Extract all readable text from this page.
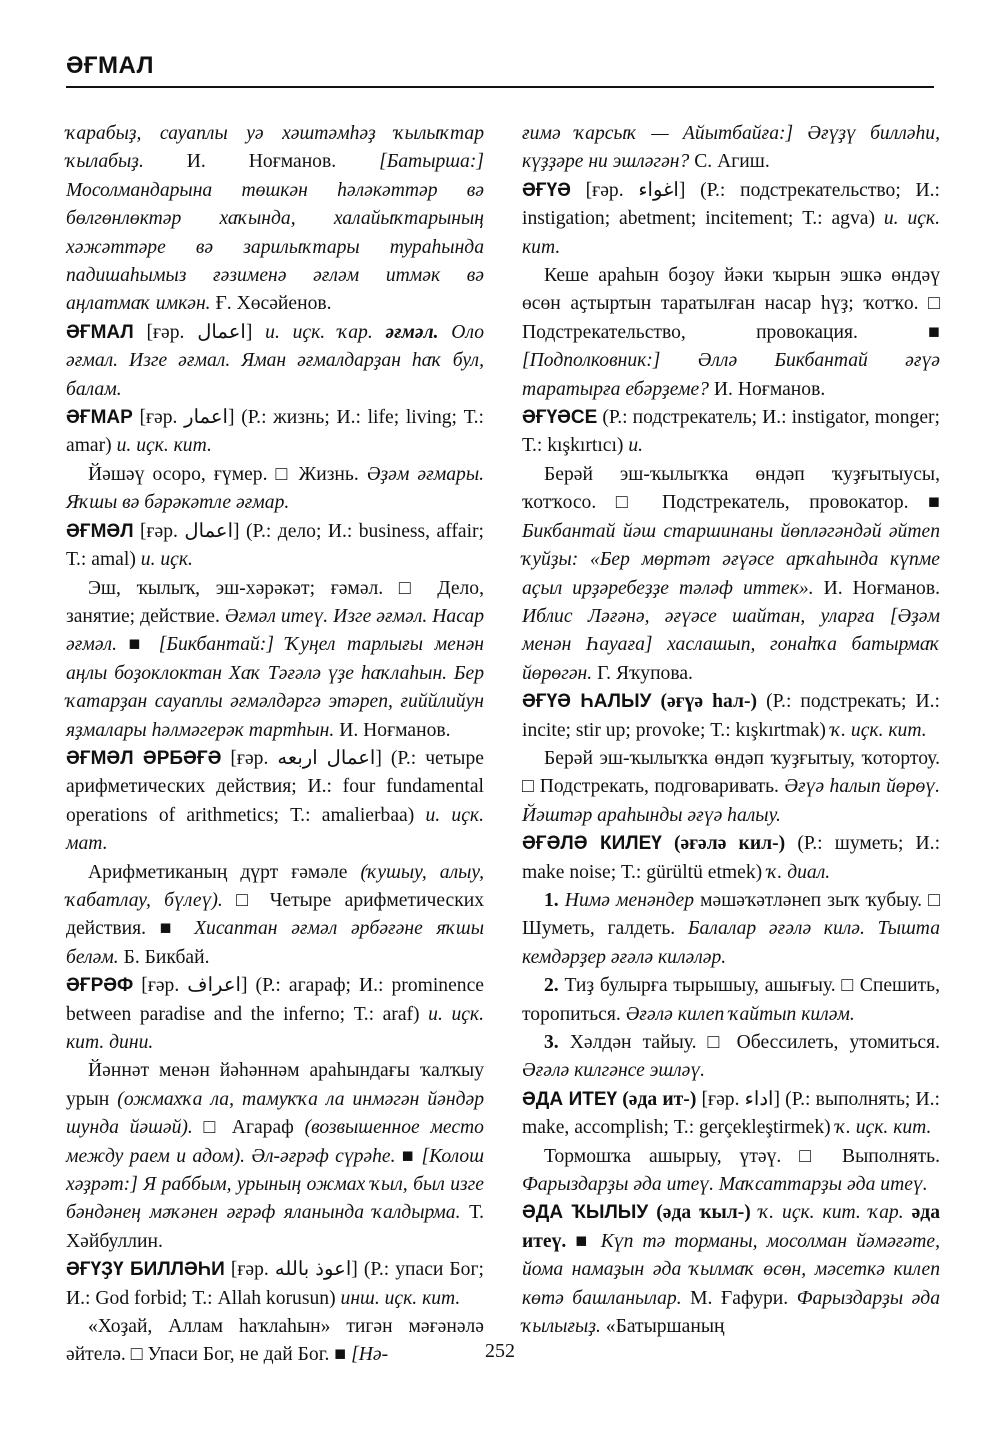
ӘҒМАЛ

ҡарабыҙ, сауаплы уә хәштәмһәҙ ҡылыҡтар ҡылабыҙ. И. Ноғманов. [Батырша:] Мосолмандарына төшкән һәләкәттәр вә бөлгөнлөктәр хаҡында, халайыҡтарының хәжәттәре вә зарилыҡтары турaһында падишаһымыз ғәзименә әғләм итмәк вә аңлатмаҡ имкән. Ғ. Хөсәйенов.

ӘҒМАЛ [ғәр. اعمال] и. иҫк. ҡар. әғмәл. Оло әғмал. Изге әғмал. Яман әғмалдарҙан һаҡ бул, балам.

ӘҒМАР [ғәр. اعمار] (Р.: жизнь; И.: life; living; Т.: amar) и. иҫк. кит.

Йәшәү осоро, ғүмер. □ Жизнь. Әҙәм әғмары. Яҡшы вә бәрәкәтле әғмар.

ӘҒМӘЛ [ғәр. اعمال] (Р.: дело; И.: business, affair; Т.: amal) и. иҫк.

Эш, ҡылыҡ, эш-хәрәкәт; ғәмәл. □ Дело, занятие; действие. Әғмәл итеү. Изге әғмәл. Насар әғмәл. ■ [Бикбантай:] Ҡуңел тарлығы менән аңлы боҙоклоктан Хаҡ Тәғәлә үҙе һаҡлаһын. Бер ҡатарҙан сауаплы әғмәлдәргә этәреп, ғиййлийун яҙмалары һәлмәгерәк тартһын. И. Ноғманов.

ӘҒМӘЛ ӘРБӘҒӘ [ғәр. اعمال اربعه] (Р.: четыре арифметических действия; И.: four fundamental operations of arithmetics; Т.: amalierbaa) и. иҫк. мат.

Арифметиканың дүрт ғәмәле (ҡушыу, алыу, ҡабатлау, бүлеү). □ Четыре арифметических действия. ■ Хисаптан әғмәл әрбәғәне яҡшы беләм. Б. Бикбай.

ӘҒРӘФ [ғәр. اعراف] (Р.: агараф; И.: prominence between paradise and the inferno; Т.: araf) и. иҫк. кит. дини.

Йәннәт менән йәһәннәм араһындағы ҡалҡыу урын (ожмахҡа ла, тамуҡҡа ла инмәгән йәндәр шунда йәшәй). □ Агараф (возвышенное место между раем и адом). Әл-әғрәф сүрәһе. ■ [Колош хәҙрәт:] Я раббым, урының ожмах ҡыл, был изге бәндәнең мәҡәнен әғрәф яланында ҡалдырма. Т. Хәйбуллин.

ӘҒҮҘҮ БИЛЛӘҺИ [ғәр. اعوذ بالله] (Р.: упаси Бог; И.: God forbid; Т.: Allah korusun) инш. иҫк. кит.

«Хоҙай, Аллам һаҡлаһын» тигән мәғәнәлә әйтелә. □ Упаси Бог, не дай Бог. ■ [Нә-

ғимә ҡарсыҡ — Айытбайға:] Әғүҙү билләһи, күҙҙәре ни эшләгән? С. Агиш.

ӘҒҮӘ [ғәр. اغواء] (Р.: подстрекательство; И.: instigation; abetment; incitement; Т.: agva) и. иҫк. кит.

Кеше араһын боҙоу йәки ҡырын эшкә өндәү өсөн аҫтыртын таратылған насар һүҙ; ҡотҡо. □ Подстрекательство, провокация.	■ [Подполковник:] Әллә Бикбантай әғүә таратырға ебәрҙеме? И. Ноғманов.

ӘҒҮӘСЕ (Р.: подстрекатель; И.: instigator, monger; Т.: kışkırtıcı) и.

Берәй эш-ҡылыҡҡа өндәп ҡуҙғытыусы, ҡотҡосо. □ Подстрекатель, провокатор. ■ Бикбантай йәш старшинаны йөпләгәндәй әйтеп ҡуйҙы: «Бер мөртәт әғүәсе арҡаһында күпме аҫыл ирҙәребеҙҙе тәләф иттек». И. Ноғманов. Иблис Ләғәнә, әғүәсе шайтан, уларға [Әҙәм менән Һауаға] хаслашып, гонаһҡа батырмаҡ йөрөгән. Г. Яҡупова.

ӘҒҮӘ ҺАЛЫУ (әғүә һал-) (Р.: подстрекать; И.: incite; stir up; provoke; Т.: kışkırtmak) ҡ. иҫк. кит.

Берәй эш-ҡылыҡҡа өндәп ҡуҙғытыу, ҡотортоу. □ Подстрекать, подговаривать. Әғүә һалып йөрөү. Йәштәр араһынды әғүә һалыу.

ӘҒӘЛӘ КИЛЕҮ (әғәлә кил-) (Р.: шуметь; И.: make noise; Т.: gürültü etmek) ҡ. диал.

1. Нимә менәндер мәшәҡәтләнеп зыҡ ҡубыу. □ Шуметь, галдеть. Балалар әғәлә килә. Тышта кемдәрҙер әғәлә киләләр.

2. Тиҙ булырға тырышыу, ашығыу. □ Спешить, торопиться. Әғәлә килеп ҡайтып киләм.

3. Хәлдән тайыу. □ Обессилеть, утомиться. Әғәлә килгәнсе эшләү.

ӘДА ИТЕҮ (әда ит-) [ғәр. اداء] (Р.: выполнять; И.: make, accomplish; Т.: gerçekleştirmek) ҡ. иҫк. кит.

Тормошҡа ашырыу, үтәү. □ Выполнять. Фарыздарҙы әда итеү. Маҡсаттарҙы әда итеү.

ӘДА ҠЫЛЫУ (әда ҡыл-) ҡ. иҫк. кит. ҡар. әда итеү. ■ Күп тә торманы, мосолман йәмәғәте, йома намаҙын әда ҡылмаҡ өсөн, мәсеткә килеп көтә башланылар. М. Ғафури. Фарыздарҙы әда ҡылығыҙ. «Батыршаның

252
